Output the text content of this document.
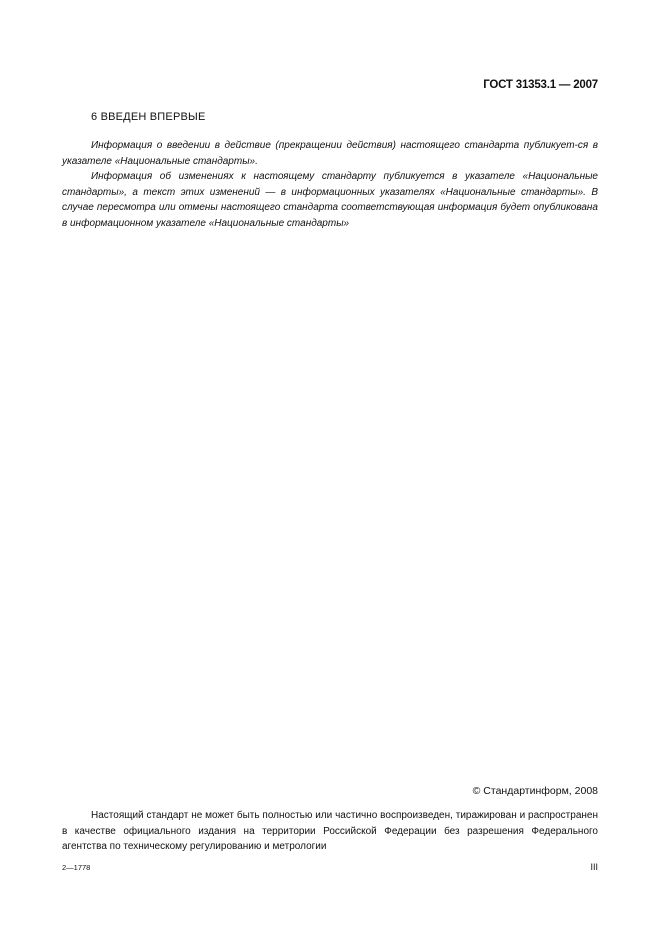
ГОСТ 31353.1 — 2007
6 ВВЕДЕН ВПЕРВЫЕ

Информация о введении в действие (прекращении действия) настоящего стандарта публикует-ся в указателе «Национальные стандарты».

Информация об изменениях к настоящему стандарту публикуется в указателе «Национальные стандарты», а текст этих изменений — в информационных указателях «Национальные стандарты». В случае пересмотра или отмены настоящего стандарта соответствующая информация будет опубликована в информационном указателе «Национальные стандарты»

© Стандартинформ, 2008

Настоящий стандарт не может быть полностью или частично воспроизведен, тиражирован и распространен в качестве официального издания на территории Российской Федерации без разрешения Федерального агентства по техническому регулированию и метрологии

2—1778	III
